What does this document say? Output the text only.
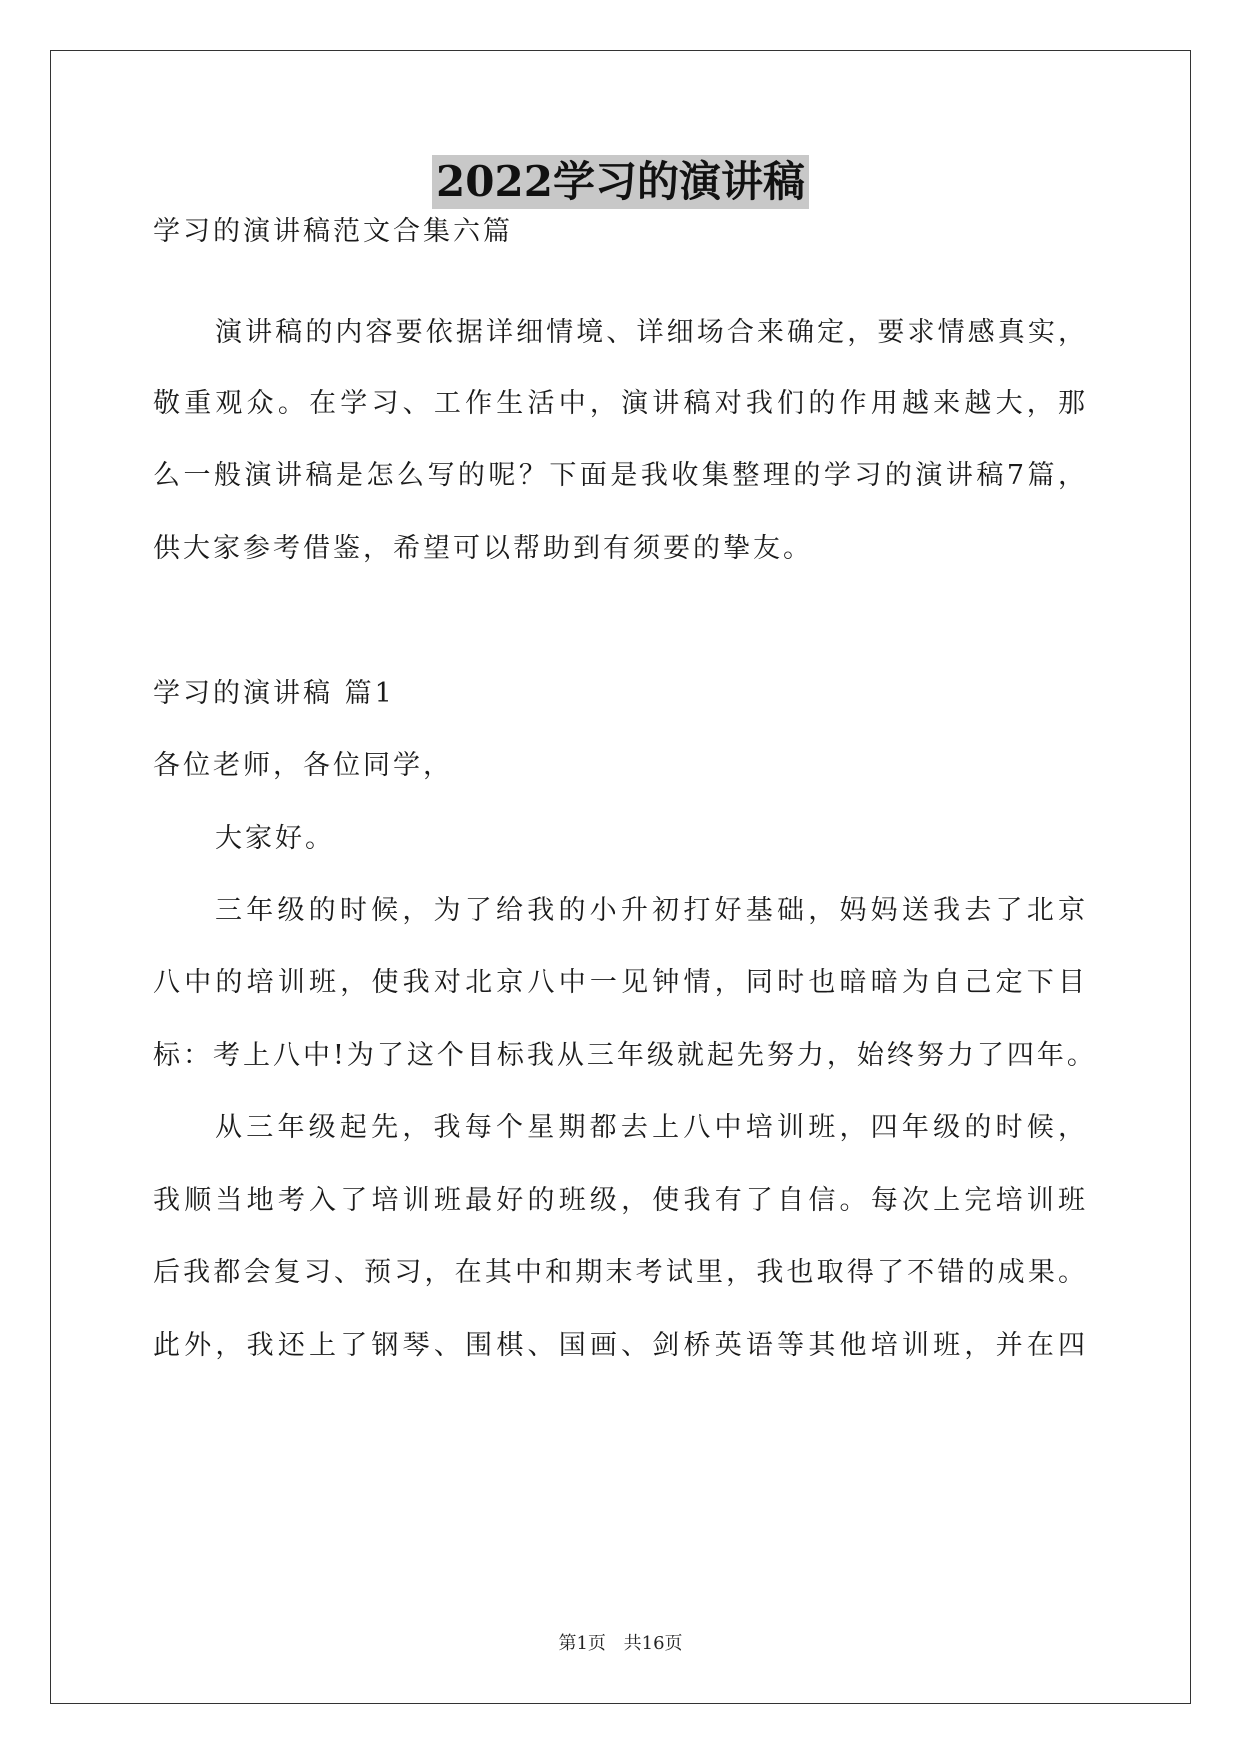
2022学习的演讲稿
学习的演讲稿范文合集六篇
演讲稿的内容要依据详细情境、详细场合来确定，要求情感真实，
敬重观众。在学习、工作生活中，演讲稿对我们的作用越来越大，那
么一般演讲稿是怎么写的呢？下面是我收集整理的学习的演讲稿7篇，
供大家参考借鉴，希望可以帮助到有须要的挚友。
学习的演讲稿 篇1
各位老师，各位同学，
大家好。
三年级的时候，为了给我的小升初打好基础，妈妈送我去了北京
八中的培训班，使我对北京八中一见钟情，同时也暗暗为自己定下目
标：考上八中!为了这个目标我从三年级就起先努力，始终努力了四年。
从三年级起先，我每个星期都去上八中培训班，四年级的时候，
我顺当地考入了培训班最好的班级，使我有了自信。每次上完培训班
后我都会复习、预习，在其中和期末考试里，我也取得了不错的成果。
此外，我还上了钢琴、围棋、国画、剑桥英语等其他培训班，并在四
第1页 共16页
